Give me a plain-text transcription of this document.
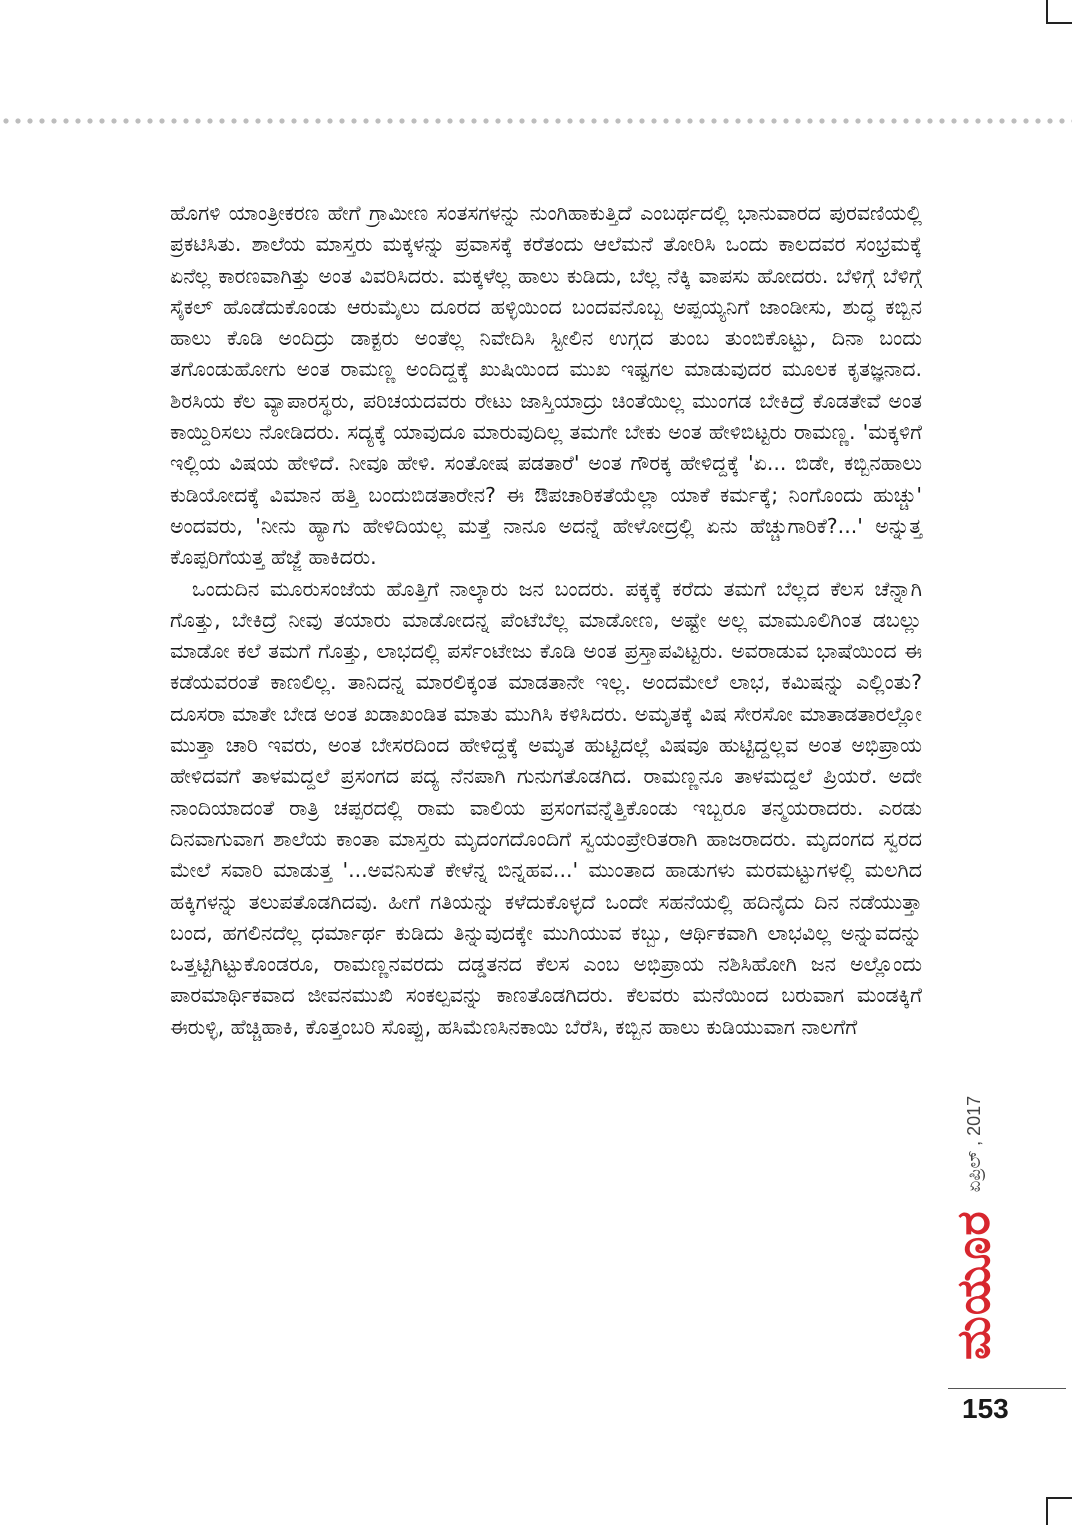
ಹೊಗಳಿ ಯಾಂತ್ರೀಕರಣ ಹೇಗೆ ಗ್ರಾಮೀಣ ಸಂತಸಗಳನ್ನು ನುಂಗಿಹಾಕುತ್ತಿದೆ ಎಂಬರ್ಥದಲ್ಲಿ ಭಾನುವಾರದ ಪುರವಣಿಯಲ್ಲಿ ಪ್ರಕಟಿಸಿತು. ಶಾಲೆಯ ಮಾಸ್ತರು ಮಕ್ಕಳನ್ನು ಪ್ರವಾಸಕ್ಕೆ ಕರೆತಂದು ಆಲೆಮನೆ ತೋರಿಸಿ ಒಂದು ಕಾಲದವರ ಸಂಭ್ರಮಕ್ಕೆ ಏನೆಲ್ಲ ಕಾರಣವಾಗಿತ್ತು ಅಂತ ವಿವರಿಸಿದರು. ಮಕ್ಕಳೆಲ್ಲ ಹಾಲು ಕುಡಿದು, ಬೆಲ್ಲ ನೆಕ್ಕಿ ವಾಪಸು ಹೋದರು. ಬೆಳಿಗ್ಗೆ ಬೆಳಿಗ್ಗೆ ಸೈಕಲ್ ಹೊಡೆದುಕೊಂಡು ಆರುಮೈಲು ದೂರದ ಹಳ್ಳಿಯಿಂದ ಬಂದವನೊಬ್ಬ ಅಪ್ಪಯ್ಯನಿಗೆ ಜಾಂಡೀಸು, ಶುದ್ಧ ಕಬ್ಬಿನ ಹಾಲು ಕೊಡಿ ಅಂದಿದ್ರು ಡಾಕ್ಟರು ಅಂತೆಲ್ಲ ನಿವೇದಿಸಿ ಸ್ಟೀಲಿನ ಉಗ್ಗದ ತುಂಬ ತುಂಬಿಕೊಟ್ಟು, ದಿನಾ ಬಂದು ತಗೊಂಡುಹೋಗು ಅಂತ ರಾಮಣ್ಣ ಅಂದಿದ್ದಕ್ಕೆ ಖುಷಿಯಿಂದ ಮುಖ ಇಷ್ಟಗಲ ಮಾಡುವುದರ ಮೂಲಕ ಕೃತಜ್ಞನಾದ. ಶಿರಸಿಯ ಕೆಲ ವ್ಯಾಪಾರಸ್ಥರು, ಪರಿಚಯದವರು ರೇಟು ಜಾಸ್ತಿಯಾದ್ರು ಚಿಂತೆಯಿಲ್ಲ ಮುಂಗಡ ಬೇಕಿದ್ರೆ ಕೊಡತೇವೆ ಅಂತ ಕಾಯ್ದಿರಿಸಲು ನೋಡಿದರು. ಸದ್ಯಕ್ಕೆ ಯಾವುದೂ ಮಾರುವುದಿಲ್ಲ ತಮಗೇ ಬೇಕು ಅಂತ ಹೇಳಿಬಿಟ್ಟರು ರಾಮಣ್ಣ. 'ಮಕ್ಕಳಿಗೆ ಇಲ್ಲಿಯ ವಿಷಯ ಹೇಳಿದೆ. ನೀವೂ ಹೇಳಿ. ಸಂತೋಷ ಪಡತಾರೆ' ಅಂತ ಗೌರಕ್ಕ ಹೇಳಿದ್ದಕ್ಕೆ 'ಏ... ಬಿಡೇ, ಕಬ್ಬಿನಹಾಲು ಕುಡಿಯೋದಕ್ಕೆ ವಿಮಾನ ಹತ್ತಿ ಬಂದುಬಿಡತಾರೇನ? ಈ ಔಪಚಾರಿಕತೆಯೆಲ್ಲಾ ಯಾಕೆ ಕರ್ಮಕ್ಕೆ; ನಿಂಗೊಂದು ಹುಚ್ಚು' ಅಂದವರು, 'ನೀನು ಹ್ಯಾಗು ಹೇಳಿದಿಯಲ್ಲ ಮತ್ತೆ ನಾನೂ ಅದನ್ನೆ ಹೇಳೋದ್ರಲ್ಲಿ ಏನು ಹೆಚ್ಚುಗಾರಿಕೆ?...' ಅನ್ನುತ್ತ ಕೊಪ್ಪರಿಗೆಯತ್ತ ಹೆಜ್ಜೆ ಹಾಕಿದರು.

ಒಂದುದಿನ ಮೂರುಸಂಜೆಯ ಹೊತ್ತಿಗೆ ನಾಲ್ಕಾರು ಜನ ಬಂದರು. ಪಕ್ಕಕ್ಕೆ ಕರೆದು ತಮಗೆ ಬೆಲ್ಲದ ಕೆಲಸ ಚೆನ್ನಾಗಿ ಗೊತ್ತು, ಬೇಕಿದ್ರೆ ನೀವು ತಯಾರು ಮಾಡೋದನ್ನ ಪೆಂಟೆಬೆಲ್ಲ ಮಾಡೋಣ, ಅಷ್ಟೇ ಅಲ್ಲ ಮಾಮೂಲಿಗಿಂತ ಡಬಲ್ಲು ಮಾಡೋ ಕಲೆ ತಮಗೆ ಗೊತ್ತು, ಲಾಭದಲ್ಲಿ ಪರ್ಸೆಂಟೇಜು ಕೊಡಿ ಅಂತ ಪ್ರಸ್ತಾಪವಿಟ್ಟರು. ಅವರಾಡುವ ಭಾಷೆಯಿಂದ ಈ ಕಡೆಯವರಂತೆ ಕಾಣಲಿಲ್ಲ. ತಾನಿದನ್ನ ಮಾರಲಿಕ್ಕಂತ ಮಾಡತಾನೇ ಇಲ್ಲ. ಅಂದಮೇಲೆ ಲಾಭ, ಕಮಿಷನ್ನು ಎಲ್ಲಿಂತು? ದೂಸರಾ ಮಾತೇ ಬೇಡ ಅಂತ ಖಡಾಖಂಡಿತ ಮಾತು ಮುಗಿಸಿ ಕಳಿಸಿದರು. ಅಮೃತಕ್ಕೆ ವಿಷ ಸೇರಸೋ ಮಾತಾಡತಾರಲ್ಲೋ ಮುತ್ತಾ ಚಾರಿ ಇವರು, ಅಂತ ಬೇಸರದಿಂದ ಹೇಳಿದ್ದಕ್ಕೆ ಅಮೃತ ಹುಟ್ಟಿದಲ್ಲೆ ವಿಷವೂ ಹುಟ್ಟಿದ್ದಲ್ಲವ ಅಂತ ಅಭಿಪ್ರಾಯ ಹೇಳಿದವಗೆ ತಾಳಮದ್ದಲೆ ಪ್ರಸಂಗದ ಪದ್ಯ ನೆನಪಾಗಿ ಗುನುಗತೊಡಗಿದ. ರಾಮಣ್ಣನೂ ತಾಳಮದ್ದಲೆ ಪ್ರಿಯರೆ. ಅದೇ ನಾಂದಿಯಾದಂತೆ ರಾತ್ರಿ ಚಪ್ಪರದಲ್ಲಿ ರಾಮ ವಾಲಿಯ ಪ್ರಸಂಗವನ್ನೆತ್ತಿಕೊಂಡು ಇಬ್ಬರೂ ತನ್ಮಯರಾದರು. ಎರಡು ದಿನವಾಗುವಾಗ ಶಾಲೆಯ ಕಾಂತಾ ಮಾಸ್ತರು ಮೃದಂಗದೊಂದಿಗೆ ಸ್ವಯಂಪ್ರೇರಿತರಾಗಿ ಹಾಜರಾದರು. ಮೃದಂಗದ ಸ್ವರದ ಮೇಲೆ ಸವಾರಿ ಮಾಡುತ್ತ '...ಅವನಿಸುತೆ ಕೇಳೆನ್ನ ಬಿನ್ನಹವ...' ಮುಂತಾದ ಹಾಡುಗಳು ಮರಮಟ್ಟುಗಳಲ್ಲಿ ಮಲಗಿದ ಹಕ್ಕಿಗಳನ್ನು ತಲುಪತೊಡಗಿದವು. ಹೀಗೆ ಗತಿಯನ್ನು ಕಳೆದುಕೊಳ್ಳದೆ ಒಂದೇ ಸಹನೆಯಲ್ಲಿ ಹದಿನೈದು ದಿನ ನಡೆಯುತ್ತಾ ಬಂದ, ಹಗಲಿನದೆಲ್ಲ ಧರ್ಮಾರ್ಥ ಕುಡಿದು ತಿನ್ನುವುದಕ್ಕೇ ಮುಗಿಯುವ ಕಬ್ಬು, ಆರ್ಥಿಕವಾಗಿ ಲಾಭವಿಲ್ಲ ಅನ್ನುವದನ್ನು ಒತ್ತಟ್ಟಿಗಿಟ್ಟುಕೊಂಡರೂ, ರಾಮಣ್ಣನವರದು ದಡ್ಡತನದ ಕೆಲಸ ಎಂಬ ಅಭಿಪ್ರಾಯ ನಶಿಸಿಹೋಗಿ ಜನ ಅಲ್ಲೊಂದು ಪಾರಮಾರ್ಥಿಕವಾದ ಜೀವನಮುಖಿ ಸಂಕಲ್ಪವನ್ನು ಕಾಣತೊಡಗಿದರು. ಕೆಲವರು ಮನೆಯಿಂದ ಬರುವಾಗ ಮಂಡಕ್ಕಿಗೆ ಈರುಳ್ಳಿ, ಹೆಚ್ಚಿಹಾಕಿ, ಕೊತ್ತಂಬರಿ ಸೊಪ್ಪು, ಹಸಿಮೆಣಸಿನಕಾಯಿ ಬೆರೆಸಿ, ಕಬ್ಬಿನ ಹಾಲು ಕುಡಿಯುವಾಗ ನಾಲಗೆಗೆ

ಮಯೂರ
ಏಪ್ರಿಲ್ , 2017
153
